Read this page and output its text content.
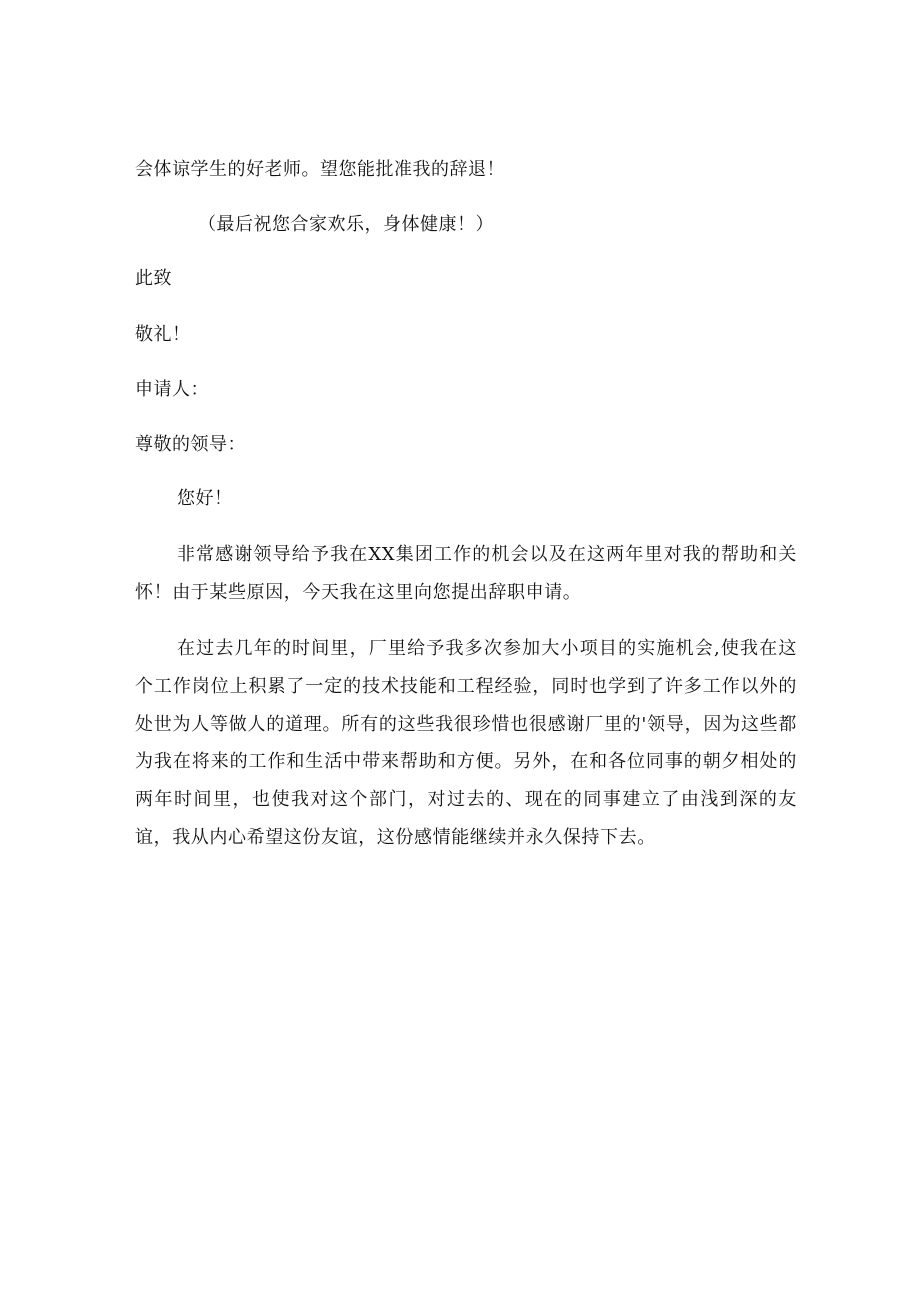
会体谅学生的好老师。望您能批准我的辞退！
（最后祝您合家欢乐，身体健康！）
此致
敬礼！
申请人：
尊敬的领导：
您好！
非常感谢领导给予我在XX集团工作的机会以及在这两年里对我的帮助和关怀！由于某些原因，今天我在这里向您提出辞职申请。
在过去几年的时间里，厂里给予我多次参加大小项目的实施机会,使我在这个工作岗位上积累了一定的技术技能和工程经验，同时也学到了许多工作以外的处世为人等做人的道理。所有的这些我很珍惜也很感谢厂里的'领导，因为这些都为我在将来的工作和生活中带来帮助和方便。另外，在和各位同事的朝夕相处的两年时间里，也使我对这个部门，对过去的、现在的同事建立了由浅到深的友谊，我从内心希望这份友谊，这份感情能继续并永久保持下去。
